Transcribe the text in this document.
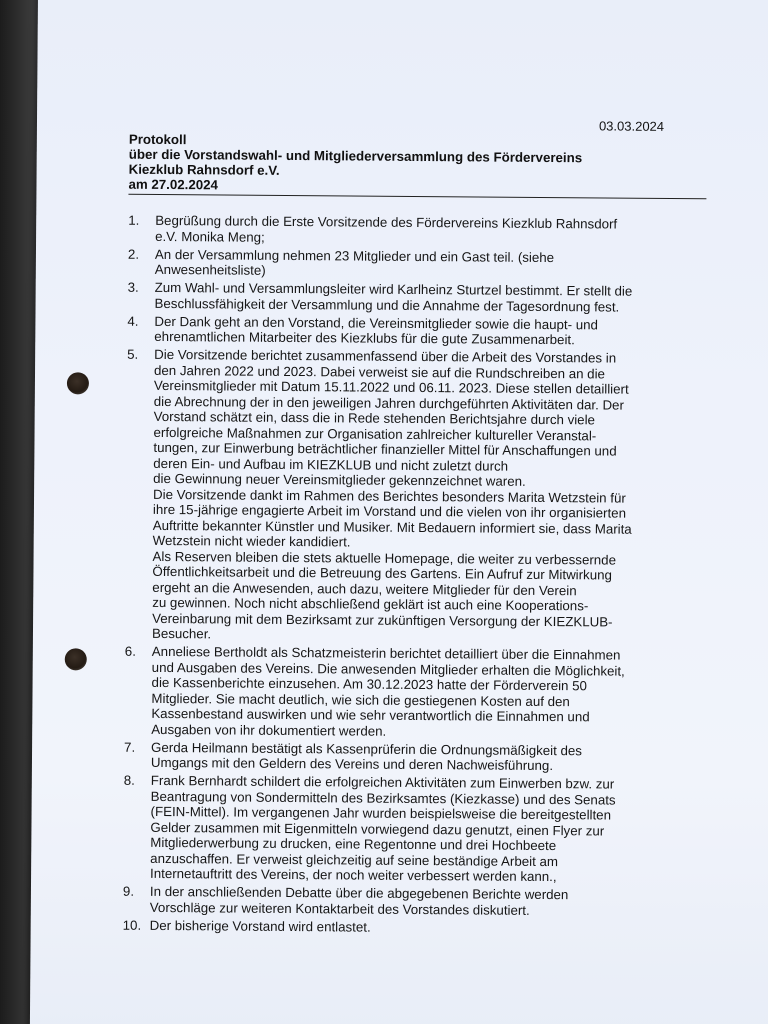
03.03.2024
Protokoll
über die Vorstandswahl- und Mitgliederversammlung des Fördervereins
Kiezklub Rahnsdorf e.V.
am 27.02.2024
1. Begrüßung durch die Erste Vorsitzende des Fördervereins Kiezklub Rahnsdorf
e.V. Monika Meng;
2. An der Versammlung nehmen 23 Mitglieder und ein Gast teil. (siehe
Anwesenheitsliste)
3. Zum Wahl- und Versammlungsleiter wird Karlheinz Sturtzel bestimmt. Er stellt die
Beschlussfähigkeit der Versammlung und die Annahme der Tagesordnung fest.
4. Der Dank geht an den Vorstand, die Vereinsmitglieder sowie die haupt- und
ehrenamtlichen Mitarbeiter des Kiezklubs für die gute Zusammenarbeit.
5. Die Vorsitzende berichtet zusammenfassend über die Arbeit des Vorstandes in
den Jahren 2022 und 2023. Dabei verweist sie auf die Rundschreiben an die
Vereinsmitglieder mit Datum 15.11.2022 und 06.11. 2023. Diese stellen detailliert
die Abrechnung der in den jeweiligen Jahren durchgeführten Aktivitäten dar. Der
Vorstand schätzt ein, dass die in Rede stehenden Berichtsjahre durch viele
erfolgreiche Maßnahmen zur Organisation zahlreicher kultureller Veranstal-
tungen, zur Einwerbung beträchtlicher finanzieller Mittel für Anschaffungen und
deren Ein- und Aufbau im KIEZKLUB und nicht zuletzt durch
die Gewinnung neuer Vereinsmitglieder gekennzeichnet waren.
Die Vorsitzende dankt im Rahmen des Berichtes besonders Marita Wetzstein für
ihre 15-jährige engagierte Arbeit im Vorstand und die vielen von ihr organisierten
Auftritte bekannter Künstler und Musiker. Mit Bedauern informiert sie, dass Marita
Wetzstein nicht wieder kandidiert.
Als Reserven bleiben die stets aktuelle Homepage, die weiter zu verbessernde
Öffentlichkeitsarbeit und die Betreuung des Gartens. Ein Aufruf zur Mitwirkung
ergeht an die Anwesenden, auch dazu, weitere Mitglieder für den Verein
zu gewinnen. Noch nicht abschließend geklärt ist auch eine Kooperations-
Vereinbarung mit dem Bezirksamt zur zukünftigen Versorgung der KIEZKLUB-
Besucher.
6. Anneliese Bertholdt als Schatzmeisterin berichtet detailliert über die Einnahmen
und Ausgaben des Vereins. Die anwesenden Mitglieder erhalten die Möglichkeit,
die Kassenberichte einzusehen. Am 30.12.2023 hatte der Förderverein 50
Mitglieder. Sie macht deutlich, wie sich die gestiegenen Kosten auf den
Kassenbestand auswirken und wie sehr verantwortlich die Einnahmen und
Ausgaben von ihr dokumentiert werden.
7. Gerda Heilmann bestätigt als Kassenprüferin die Ordnungsmäßigkeit des
Umgangs mit den Geldern des Vereins und deren Nachweisführung.
8. Frank Bernhardt schildert die erfolgreichen Aktivitäten zum Einwerben bzw. zur
Beantragung von Sondermitteln des Bezirksamtes (Kiezkasse) und des Senats
(FEIN-Mittel). Im vergangenen Jahr wurden beispielsweise die bereitgestellten
Gelder zusammen mit Eigenmitteln vorwiegend dazu genutzt, einen Flyer zur
Mitgliederwerbung zu drucken, eine Regentonne und drei Hochbeete
anzuschaffen. Er verweist gleichzeitig auf seine beständige Arbeit am
Internetauftritt des Vereins, der noch weiter verbessert werden kann.,
9. In der anschließenden Debatte über die abgegebenen Berichte werden
Vorschläge zur weiteren Kontaktarbeit des Vorstandes diskutiert.
10. Der bisherige Vorstand wird entlastet.
